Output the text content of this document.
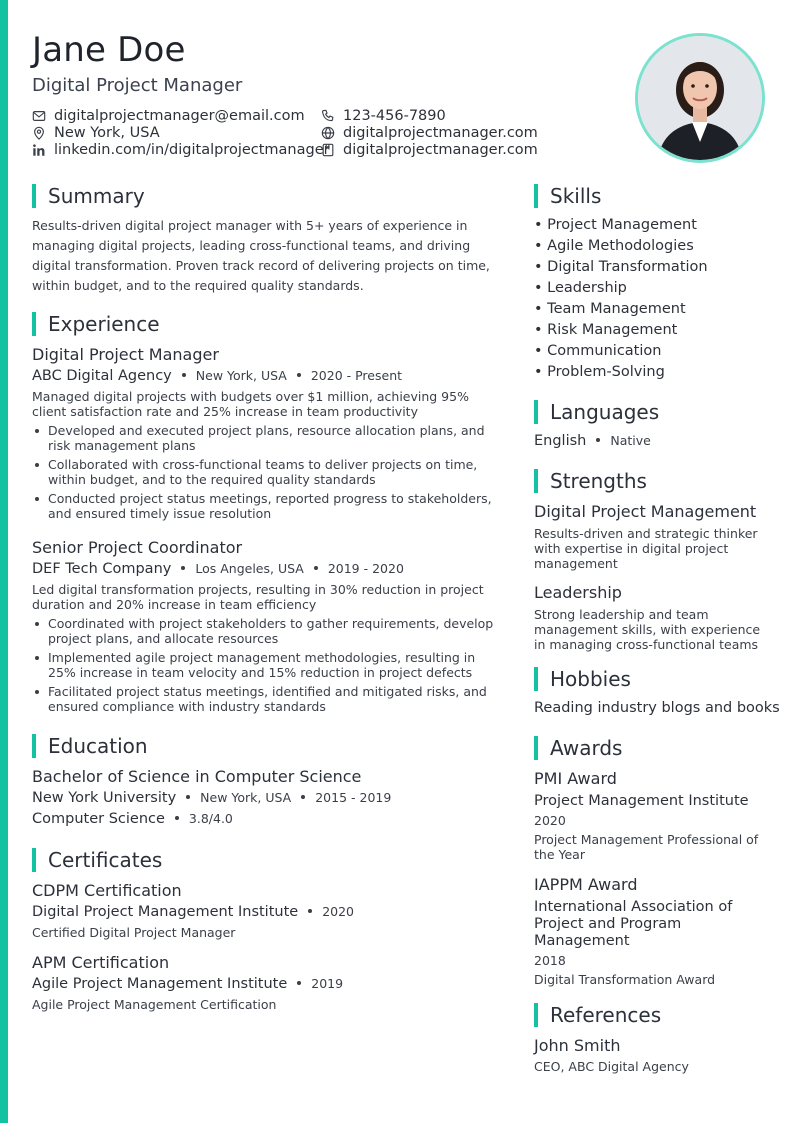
Jane Doe
Digital Project Manager
digitalprojectmanager@email.com	123-456-7890
New York, USA	digitalprojectmanager.com
linkedin.com/in/digitalprojectmanager digitalprojectmanager.com
Summary
Results-driven digital project manager with 5+ years of experience in managing digital projects, leading cross-functional teams, and driving digital transformation. Proven track record of delivering projects on time, within budget, and to the required quality standards.
Experience
Digital Project Manager
ABC Digital Agency New York, USA 2020 - Present
Managed digital projects with budgets over $1 million, achieving 95% client satisfaction rate and 25% increase in team productivity
Developed and executed project plans, resource allocation plans, and risk management plans
Collaborated with cross-functional teams to deliver projects on time, within budget, and to the required quality standards
Conducted project status meetings, reported progress to stakeholders, and ensured timely issue resolution
Senior Project Coordinator
DEF Tech Company Los Angeles, USA 2019 - 2020
Led digital transformation projects, resulting in 30% reduction in project duration and 20% increase in team efficiency
Coordinated with project stakeholders to gather requirements, develop project plans, and allocate resources
Implemented agile project management methodologies, resulting in 25% increase in team velocity and 15% reduction in project defects
Facilitated project status meetings, identified and mitigated risks, and ensured compliance with industry standards
Education
Bachelor of Science in Computer Science
New York University New York, USA 2015 - 2019
Computer Science 3.8/4.0
Certificates
CDPM Certification
Digital Project Management Institute 2020
Certified Digital Project Manager
APM Certification
Agile Project Management Institute 2019
Agile Project Management Certification
Skills
• Project Management
• Agile Methodologies
• Digital Transformation
• Leadership
• Team Management
• Risk Management
• Communication
• Problem-Solving
Languages
English Native
Strengths
Digital Project Management
Results-driven and strategic thinker with expertise in digital project management
Leadership
Strong leadership and team management skills, with experience in managing cross-functional teams
Hobbies
Reading industry blogs and books
Awards
PMI Award
Project Management Institute
2020
Project Management Professional of the Year
IAPPM Award
International Association of Project and Program Management
2018
Digital Transformation Award
References
John Smith
CEO, ABC Digital Agency
